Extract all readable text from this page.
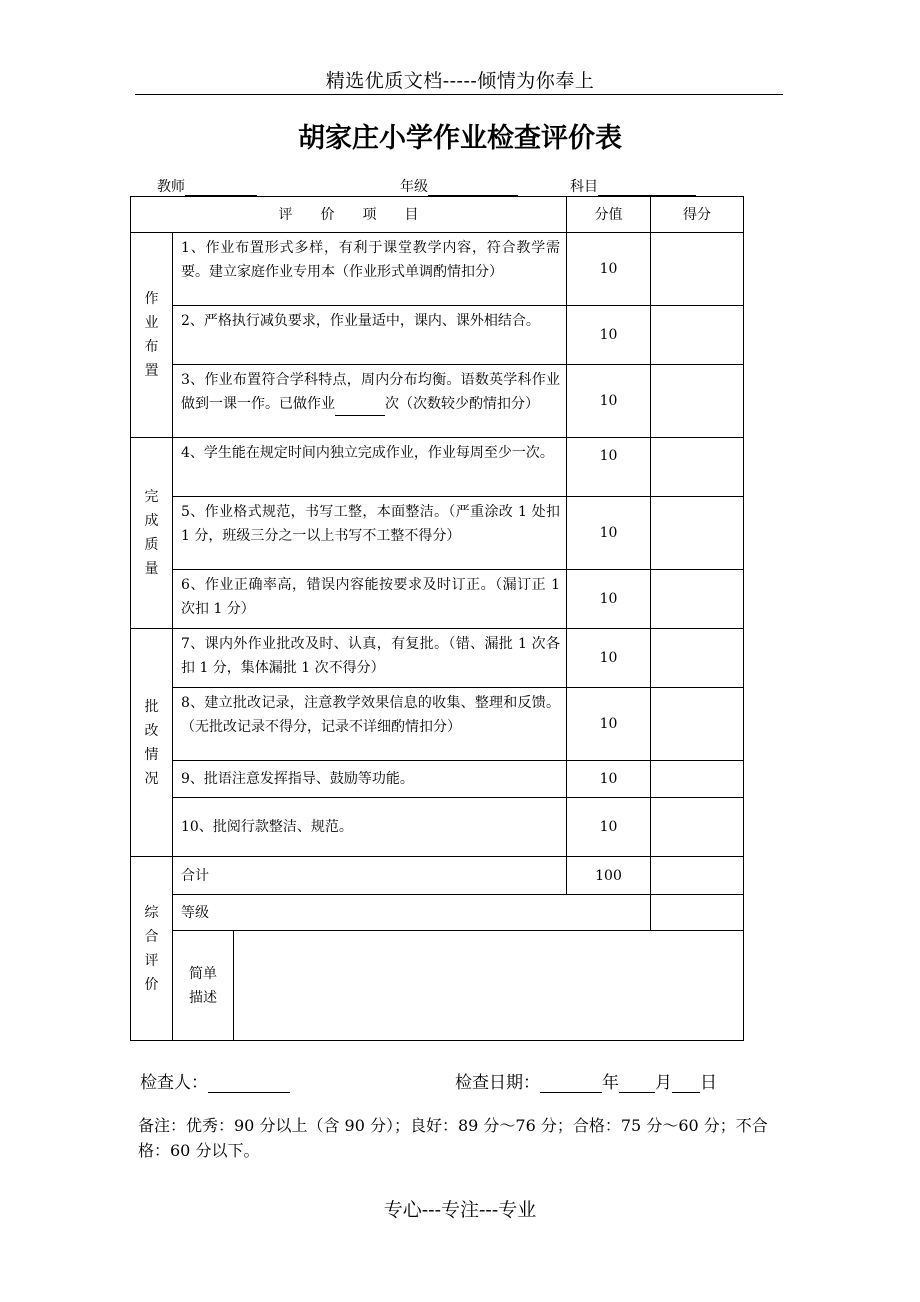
精选优质文档-----倾情为你奉上
胡家庄小学作业检查评价表
教师	年级	科目
评　　价　　项　　目			分值	得分

作
业
布
置	1、作业布置形式多样，有利于课堂教学内容，符合教学需要。建立家庭作业专用本（作业形式单调酌情扣分）		10	
	2、严格执行减负要求，作业量适中，课内、课外相结合。		10	
	3、作业布置符合学科特点，周内分布均衡。语数英学科作业做到一课一作。已做作业 次（次数较少酌情扣分）		10	

完
成
质
量	4、学生能在规定时间内独立完成作业，作业每周至少一次。		10	
	5、作业格式规范，书写工整，本面整洁。（严重涂改 1 处扣 1 分，班级三分之一以上书写不工整不得分）		10	
	6、作业正确率高，错误内容能按要求及时订正。（漏订正 1 次扣 1 分）		10	

批
改
情
况	7、课内外作业批改及时、认真，有复批。（错、漏批 1 次各扣 1 分，集体漏批 1 次不得分）		10	
	8、建立批改记录，注意教学效果信息的收集、整理和反馈。（无批改记录不得分，记录不详细酌情扣分）		10	
	9、批语注意发挥指导、鼓励等功能。		10	
	10、批阅行款整洁、规范。		10	

综
合
评
价	合计		100	
	等级			

	简单
描述			

检查人：	检查日期：	年 月 日
备注：优秀：90 分以上（含 90 分）；良好：89 分～76 分；合格：75 分～60 分；不合格：60 分以下。
专心---专注---专业
